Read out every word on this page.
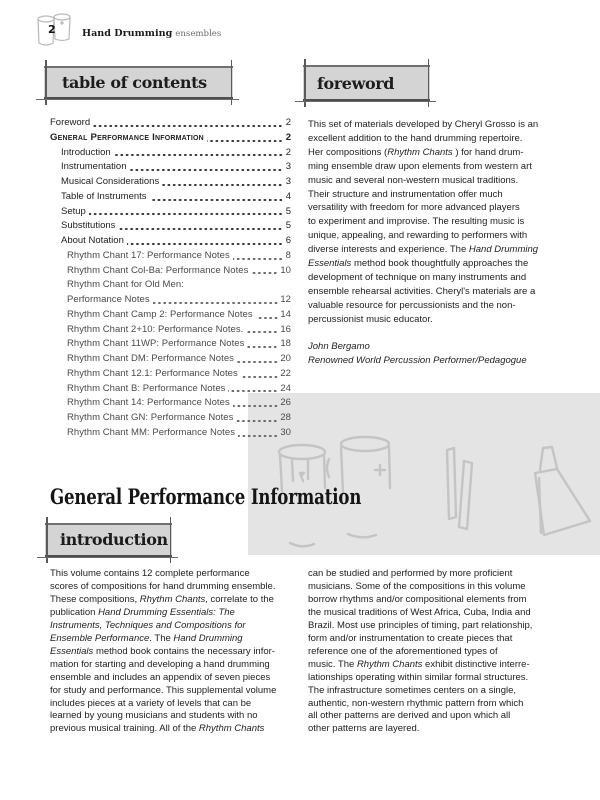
2	Hand Drumming ensembles
table of contents	foreword
Foreword	2
General Performance Information	2
Introduction	2
Instrumentation	3
Musical Considerations	3
Table of Instruments	4
Setup	5
Substitutions	5
About Notation	6
Rhythm Chant 17: Performance Notes	8
Rhythm Chant Col-Ba: Performance Notes	10
Rhythm Chant for Old Men:
Performance Notes	12
Rhythm Chant Camp 2: Performance Notes	14
Rhythm Chant 2+10: Performance Notes.	16
Rhythm Chant 11WP: Performance Notes	18
Rhythm Chant DM: Performance Notes	20
Rhythm Chant 12.1: Performance Notes	22
Rhythm Chant B: Performance Notes	24
Rhythm Chant 14: Performance Notes	26
Rhythm Chant GN: Performance Notes	28
Rhythm Chant MM: Performance Notes	30
This set of materials developed by Cheryl Grosso is an
excellent addition to the hand drumming repertoire.
Her compositions (Rhythm Chants ) for hand drum-
ming ensemble draw upon elements from western art
music and several non-western musical traditions.
Their structure and instrumentation offer much
versatility with freedom for more advanced players
to experiment and improvise. The resulting music is
unique, appealing, and rewarding to performers with
diverse interests and experience. The Hand Drumming
Essentials method book thoughtfully approaches the
development of technique on many instruments and
ensemble rehearsal activities. Cheryl's materials are a
valuable resource for percussionists and the non-
percussionist music educator.
John Bergamo
Renowned World Percussion Performer/Pedagogue
General Performance Information
introduction
This volume contains 12 complete performance
scores of compositions for hand drumming ensemble.
These compositions, Rhythm Chants, correlate to the
publication Hand Drumming Essentials: The
Instruments, Techniques and Compositions for
Ensemble Performance. The Hand Drumming
Essentials method book contains the necessary infor-
mation for starting and developing a hand drumming
ensemble and includes an appendix of seven pieces
for study and performance. This supplemental volume
includes pieces at a variety of levels that can be
learned by young musicians and students with no
previous musical training. All of the Rhythm Chants
can be studied and performed by more proficient
musicians. Some of the compositions in this volume
borrow rhythms and/or compositional elements from
the musical traditions of West Africa, Cuba, India and
Brazil. Most use principles of timing, part relationship,
form and/or instrumentation to create pieces that
reference one of the aforementioned types of
music. The Rhythm Chants exhibit distinctive interre-
lationships operating within similar formal structures.
The infrastructure sometimes centers on a single,
authentic, non-western rhythmic pattern from which
all other patterns are derived and upon which all
other patterns are layered.
